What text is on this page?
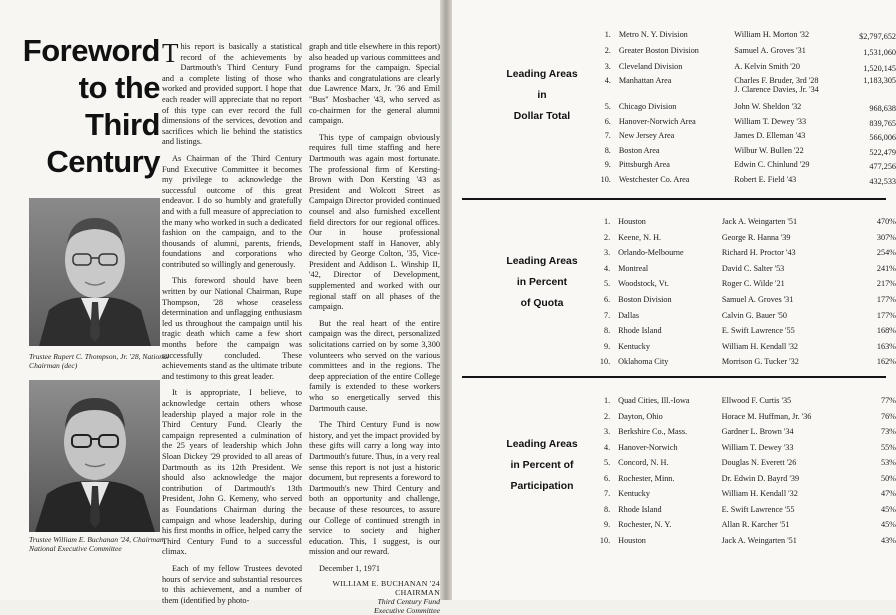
Foreword
to the
Third
Century
Trustee Rupert C. Thompson, Jr. '28, National Chairman (dec)
Trustee William E. Buchanan '24, Chairman, National Executive Committee

This report is basically a statistical record of the achievements by Dartmouth's Third Century Fund and a complete listing of those who worked and provided support. I hope that each reader will appreciate that no report of this type can ever record the full dimensions of the services, devotion and sacrifices which lie behind the statistics and listings.

As Chairman of the Third Century Fund Executive Committee it becomes my privilege to acknowledge the successful outcome of this great endeavor. I do so humbly and gratefully and with a full measure of appreciation to the many who worked in such a dedicated fashion on the campaign, and to the thousands of alumni, parents, friends, foundations and corporations who contributed so willingly and generously.

This foreword should have been written by our National Chairman, Rupe Thompson, '28 whose ceaseless determination and unflagging enthusiasm led us throughout the campaign until his tragic death which came a few short months before the campaign was successfully concluded. These achievements stand as the ultimate tribute and testimony to this great leader.

It is appropriate, I believe, to acknowledge certain others whose leadership played a major role in the Third Century Fund. Clearly the campaign represented a culmination of the 25 years of leadership which John Sloan Dickey '29 provided to all areas of Dartmouth as its 12th President. We should also acknowledge the major contribution of Dartmouth's 13th President, John G. Kemeny, who served as Foundations Chairman during the campaign and whose leadership, during his first months in office, helped carry the Third Century Fund to a successful climax.

Each of my fellow Trustees devoted hours of service and substantial resources to this achievement, and a number of them (identified by photo-

graph and title elsewhere in this report) also headed up various committees and programs for the campaign. Special thanks and congratulations are clearly due Lawrence Marx, Jr. '36 and Emil "Bus" Mosbacher '43, who served as co-chairmen for the general alumni campaign.

This type of campaign obviously requires full time staffing and here Dartmouth was again most fortunate. The professional firm of Kersting-Brown with Don Kersting '43 as President and Wolcott Street as Campaign Director provided continued counsel and also furnished excellent field directors for our regional offices. Our in house professional Development staff in Hanover, ably directed by George Colton, '35, Vice-President and Addison L. Winship II, '42, Director of Development, supplemented and worked with our regional staff on all phases of the campaign.

But the real heart of the entire campaign was the direct, personalized solicitations carried on by some 3,300 volunteers who served on the various committees and in the regions. The deep appreciation of the entire College family is extended to these workers who so energetically served this Dartmouth cause.

The Third Century Fund is now history, and yet the impact provided by these gifts will carry a long way into Dartmouth's future. Thus, in a very real sense this report is not just a historic document, but represents a foreword to Dartmouth's new Third Century and both an opportunity and challenge, because of these resources, to assure our College of continued strength in service to society and higher education. This, I suggest, is our mission and our reward.

December 1, 1971
WILLIAM E. BUCHANAN '24
CHAIRMAN
Third Century Fund
Executive Committee
Leading Areas
in
Dollar Total
1.	Metro N. Y. Division	William H. Morton '32	$2,797,652
2.	Greater Boston Division	Samuel A. Groves '31	1,531,060
3.	Cleveland Division	A. Kelvin Smith '20	1,520,145
4.	Manhattan Area	Charles F. Bruder, 3rd '28
J. Clarence Davies, Jr. '34	1,183,305
5.	Chicago Division	John W. Sheldon '32	968,638
6.	Hanover-Norwich Area	William T. Dewey '33	839,765
7.	New Jersey Area	James D. Elleman '43	566,006
8.	Boston Area	Wilbur W. Bullen '22	522,479
9.	Pittsburgh Area	Edwin C. Chinlund '29	477,256
10.	Westchester Co. Area	Robert E. Field '43	432,533
Leading Areas
in Percent
of Quota
1.	Houston	Jack A. Weingarten '51	470%
2.	Keene, N. H.	George R. Hanna '39	307%
3.	Orlando-Melbourne	Richard H. Proctor '43	254%
4.	Montreal	David C. Salter '53	241%
5.	Woodstock, Vt.	Roger C. Wilde '21	217%
6.	Boston Division	Samuel A. Groves '31	177%
7.	Dallas	Calvin G. Bauer '50	177%
8.	Rhode Island	E. Swift Lawrence '55	168%
9.	Kentucky	William H. Kendall '32	163%
10.	Oklahoma City	Morrison G. Tucker '32	162%
Leading Areas
in Percent of
Participation
1.	Quad Cities, Ill.-Iowa	Ellwood F. Curtis '35	77%
2.	Dayton, Ohio	Horace M. Huffman, Jr. '36	76%
3.	Berkshire Co., Mass.	Gardner L. Brown '34	73%
4.	Hanover-Norwich	William T. Dewey '33	55%
5.	Concord, N. H.	Douglas N. Everett '26	53%
6.	Rochester, Minn.	Dr. Edwin D. Bayrd '39	50%
7.	Kentucky	William H. Kendall '32	47%
8.	Rhode Island	E. Swift Lawrence '55	45%
9.	Rochester, N. Y.	Allan R. Karcher '51	45%
10.	Houston	Jack A. Weingarten '51	43%
